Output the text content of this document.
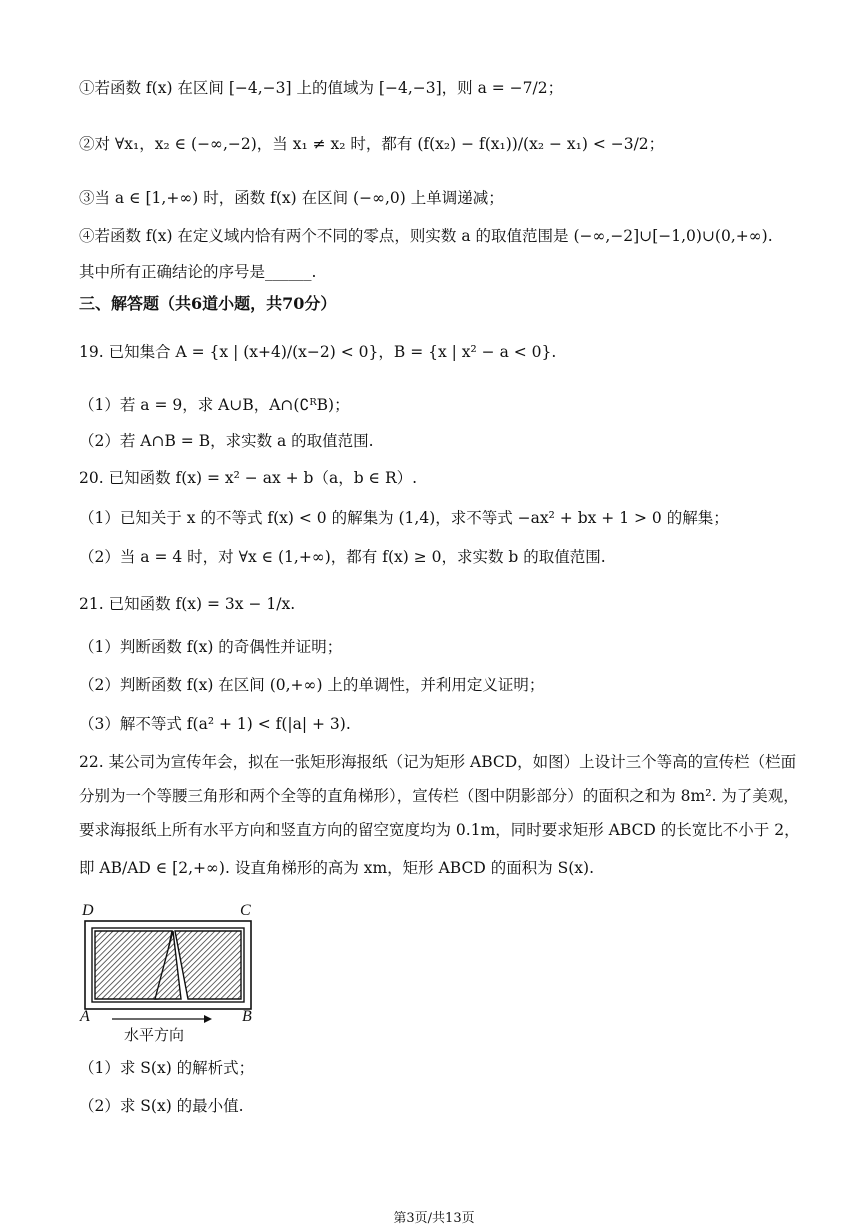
①若函数 f(x) 在区间 [−4,−3] 上的值域为 [−4,−3]，则 a = −7/2；
②对 ∀x₁，x₂ ∈ (−∞,−2)，当 x₁ ≠ x₂ 时，都有 (f(x₂) − f(x₁))/(x₂ − x₁) < −3/2；
③当 a ∈ [1,+∞) 时，函数 f(x) 在区间 (−∞,0) 上单调递减；
④若函数 f(x) 在定义域内恰有两个不同的零点，则实数 a 的取值范围是 (−∞,−2]∪[−1,0)∪(0,+∞).
其中所有正确结论的序号是______.
三、解答题（共6道小题，共70分）
19. 已知集合 A = {x | (x+4)/(x−2) < 0}，B = {x | x² − a < 0}.
（1）若 a = 9，求 A∪B，A∩(∁ᴿB)；
（2）若 A∩B = B，求实数 a 的取值范围.
20. 已知函数 f(x) = x² − ax + b（a，b ∈ R）.
（1）已知关于 x 的不等式 f(x) < 0 的解集为 (1,4)，求不等式 −ax² + bx + 1 > 0 的解集；
（2）当 a = 4 时，对 ∀x ∈ (1,+∞)，都有 f(x) ≥ 0，求实数 b 的取值范围.
21. 已知函数 f(x) = 3x − 1/x.
（1）判断函数 f(x) 的奇偶性并证明；
（2）判断函数 f(x) 在区间 (0,+∞) 上的单调性，并利用定义证明；
（3）解不等式 f(a² + 1) < f(|a| + 3).
22. 某公司为宣传年会，拟在一张矩形海报纸（记为矩形 ABCD，如图）上设计三个等高的宣传栏（栏面
分别为一个等腰三角形和两个全等的直角梯形），宣传栏（图中阴影部分）的面积之和为 8m². 为了美观，
要求海报纸上所有水平方向和竖直方向的留空宽度均为 0.1m，同时要求矩形 ABCD 的长宽比不小于 2，
即 AB/AD ∈ [2,+∞). 设直角梯形的高为 xm，矩形 ABCD 的面积为 S(x).
D	C
A	B
水平方向
（1）求 S(x) 的解析式；
（2）求 S(x) 的最小值.
第3页/共13页
